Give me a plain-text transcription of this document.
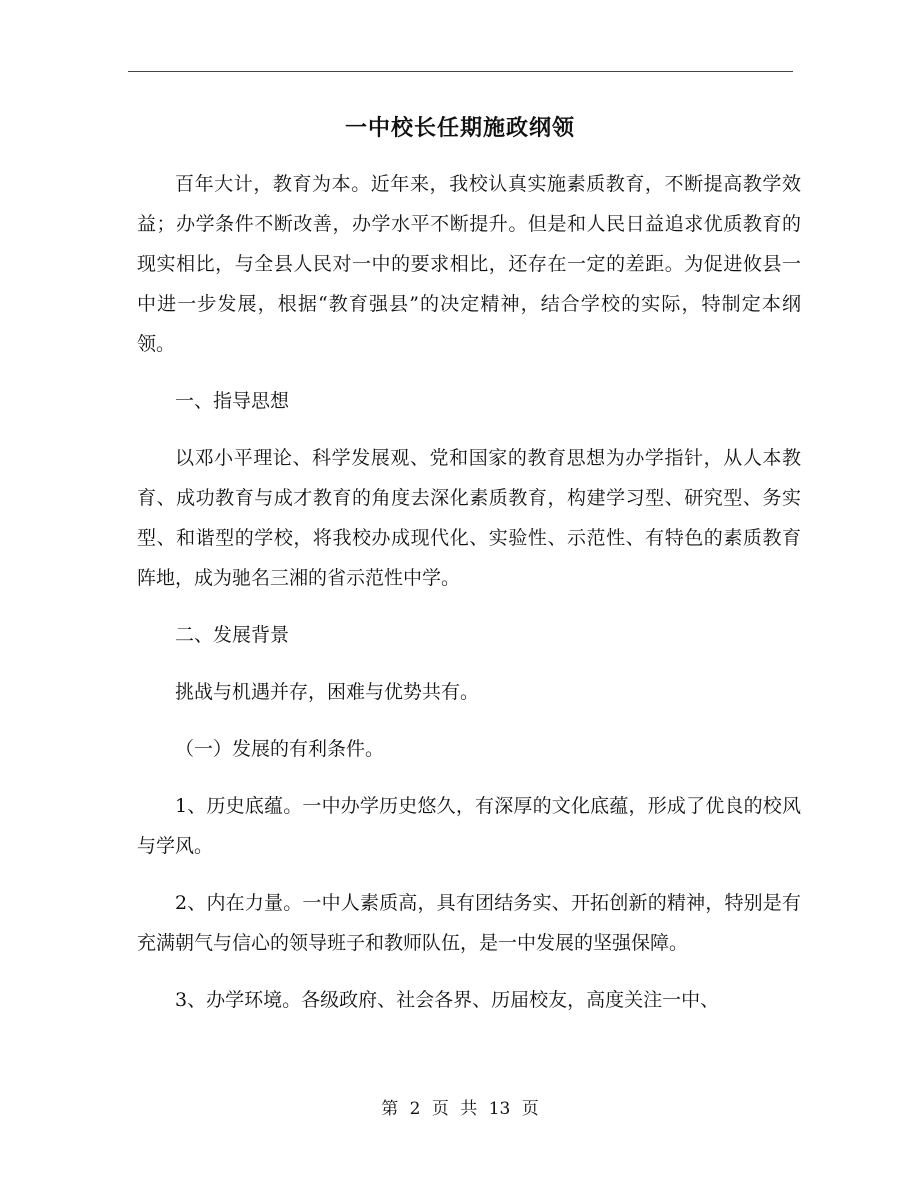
一中校长任期施政纲领

百年大计，教育为本。近年来，我校认真实施素质教育，不断提高教学效益；办学条件不断改善，办学水平不断提升。但是和人民日益追求优质教育的现实相比，与全县人民对一中的要求相比，还存在一定的差距。为促进攸县一中进一步发展，根据“教育强县”的决定精神，结合学校的实际，特制定本纲领。

一、指导思想

以邓小平理论、科学发展观、党和国家的教育思想为办学指针，从人本教育、成功教育与成才教育的角度去深化素质教育，构建学习型、研究型、务实型、和谐型的学校，将我校办成现代化、实验性、示范性、有特色的素质教育阵地，成为驰名三湘的省示范性中学。

二、发展背景

挑战与机遇并存，困难与优势共有。

（一）发展的有利条件。

1、历史底蕴。一中办学历史悠久，有深厚的文化底蕴，形成了优良的校风与学风。

2、内在力量。一中人素质高，具有团结务实、开拓创新的精神，特别是有充满朝气与信心的领导班子和教师队伍，是一中发展的坚强保障。

3、办学环境。各级政府、社会各界、历届校友，高度关注一中、

第 2 页 共 13 页
